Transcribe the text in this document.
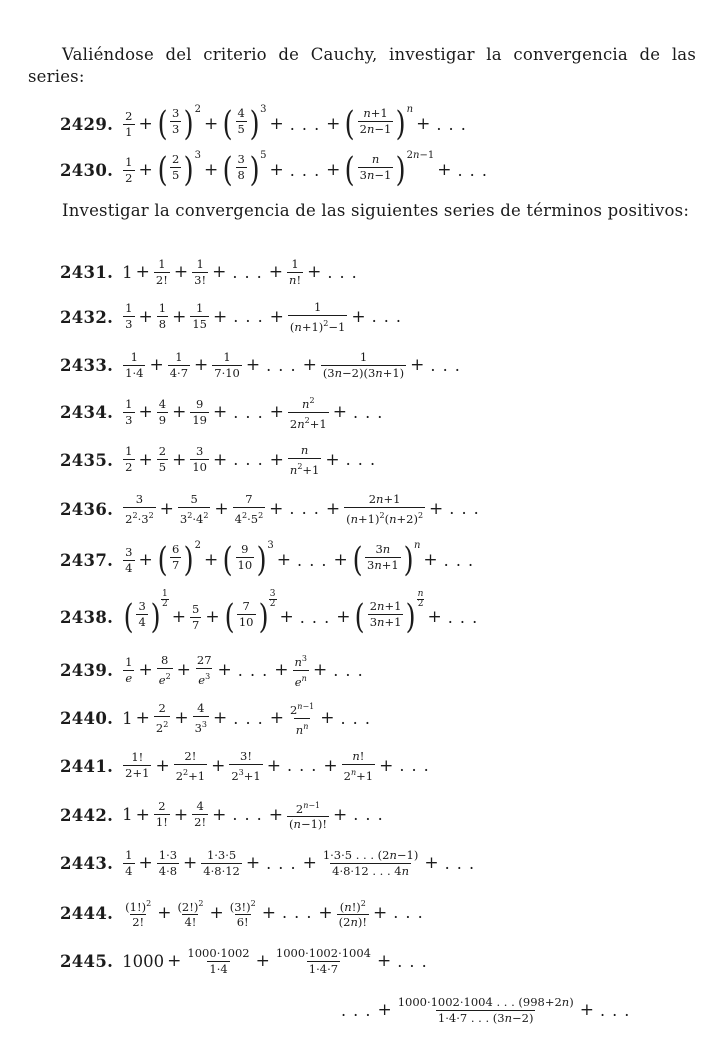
Valiéndose del criterio de Cauchy, investigar la convergencia de las series:

2429. $\frac{2}{1}$ + ( $\frac{3}{3}$ ) 2
+ ( $\frac{4}{5}$ ) 3
+ . . . + ( $\frac{n+1}{2n-1}$ ) n
+ . . .
2430. $\frac{1}{2}$ + ( $\frac{2}{5}$ ) 3
+ ( $\frac{3}{8}$ ) 5
+ . . . + ( $\frac{n}{3n-1}$ ) 2n−1
+ . . .

Investigar la convergencia de las siguientes series de términos positivos:

2431. $1 + \frac{1}{2!} + \frac{1}{3!}$ + . . . + $\frac{1}{n!}$ + . . .
2432. $\frac{1}{3} + \frac{1}{8} + \frac{1}{15}$ + . . . + $\frac{1}{(n+1)^2-1}$ + . . .
2433. $\frac{1}{1\cdot 4} + \frac{1}{4\cdot 7} + \frac{1}{7\cdot 10}$ + . . . + $\frac{1}{(3n-2)(3n+1)}$ + . . .
2434. $\frac{1}{3} + \frac{4}{9} + \frac{9}{19}$ + . . . + $\frac{n^2}{2n^2+1}$ + . . .
2435. $\frac{1}{2} + \frac{2}{5} + \frac{3}{10}$ + . . . + $\frac{n}{n^2+1}$ + . . .
2436. $\frac{3}{2^2\cdot 3^2} + \frac{5}{3^2\cdot 4^2} + \frac{7}{4^2\cdot 5^2}$ + . . . + $\frac{2n+1}{(n+1)^2(n+2)^2}$ + . . .
2437. $\frac{3}{4}$ + ( $\frac{6}{7}$ ) 2
+ ( $\frac{9}{10}$ ) 3
+ . . . + ( $\frac{3n}{3n+1}$ ) n
+ . . .
2438. ( $\frac{3}{4}$ )
1
2
+ $\frac{5}{7}$ + ( $\frac{7}{10}$ )
3
2
+ . . . + ( $\frac{2n+1}{3n+1}$ )
n
2
+ . . .
2439. $\frac{1}{e} + \frac{8}{e^2} + \frac{27}{e^3}$ + . . . + $\frac{n^3}{e^n}$ + . . .
2440. $1 + \frac{2}{2^2} + \frac{4}{3^3}$ + . . . + $\frac{2^{n-1}}{n^n}$ + . . .
2441. $\frac{1!}{2+1} + \frac{2!}{2^2+1} + \frac{3!}{2^3+1}$ + . . . + $\frac{n!}{2^n+1}$ + . . .
2442. $1 + \frac{2}{1!} + \frac{4}{2!}$ + . . . + $\frac{2^{n-1}}{(n-1)!}$ + . . .
2443. $\frac{1}{4} + \frac{1\cdot 3}{4\cdot 8} + \frac{1\cdot 3\cdot 5}{4\cdot 8\cdot 12}$ + . . . + $\frac{1\cdot 3\cdot 5 . . . (2n-1)}{4\cdot 8\cdot 12 . . . 4n}$ + . . .
2444. $\frac{(1!)^2}{2!} + \frac{(2!)^2}{4!} + \frac{(3!)^2}{6!}$ + . . . + $\frac{(n!)^2}{(2n)!}$ + . . .
2445. $1000 + \frac{1000\cdot 1002}{1\cdot 4} + \frac{1000\cdot 1002\cdot 1004}{1\cdot 4\cdot 7}$ + . . .
. . . + $\frac{1000\cdot 1002\cdot 1004 . . . (998+2n)}{1\cdot 4\cdot 7 . . . (3n-2)}$ + . . .
